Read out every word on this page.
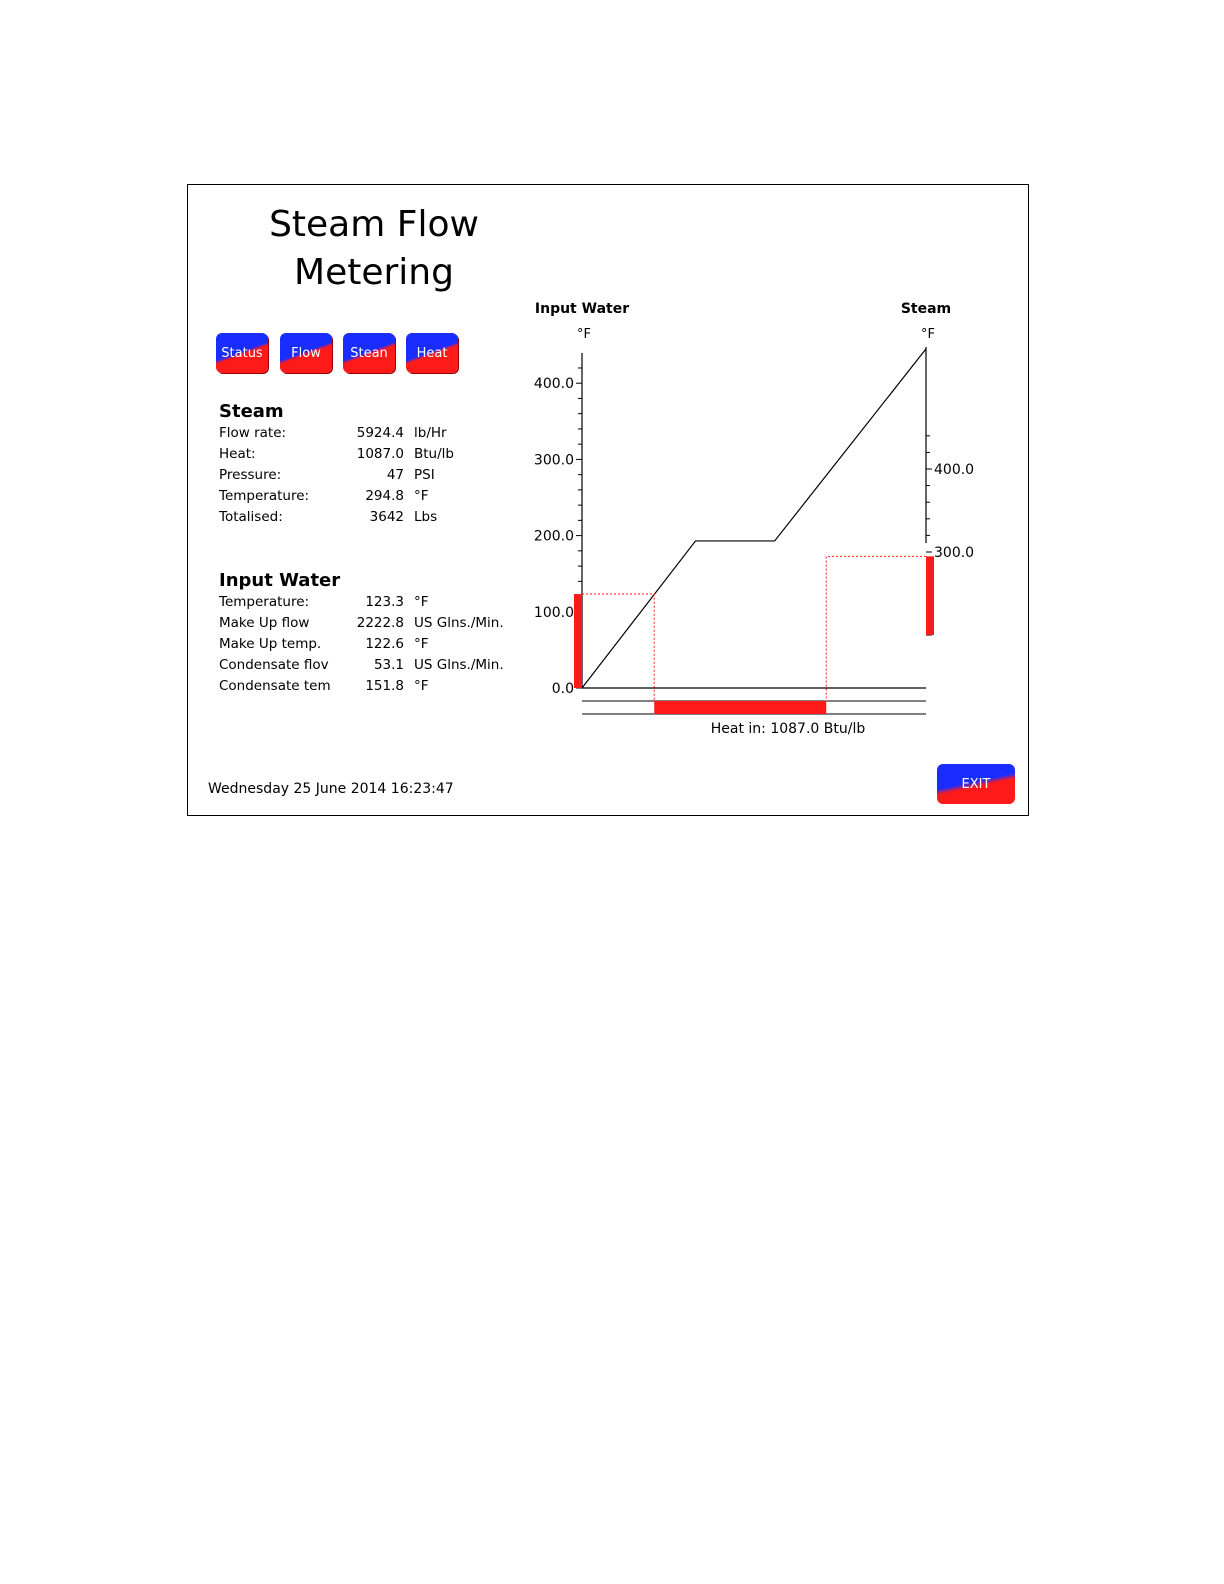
Steam Flow
Metering
Status	Flow	Stean	Heat
Steam
Flow rate:	5924.4 lb/Hr
Heat:	1087.0 Btu/lb
Pressure:	47 PSI
Temperature:	294.8 °F
Totalised:	3642 Lbs
Input Water
Temperature:	123.3 °F
Make Up flow	2222.8 US Glns./Min.
Make Up temp.	122.6 °F
Condensate flov	53.1 US Glns./Min.
Condensate tem	151.8 °F
Input Water	Steam
°F	°F
400.0
300.0
200.0
100.0
0.0
400.0
300.0
Heat in: 1087.0 Btu/lb
Wednesday 25 June 2014 16:23:47	EXIT
